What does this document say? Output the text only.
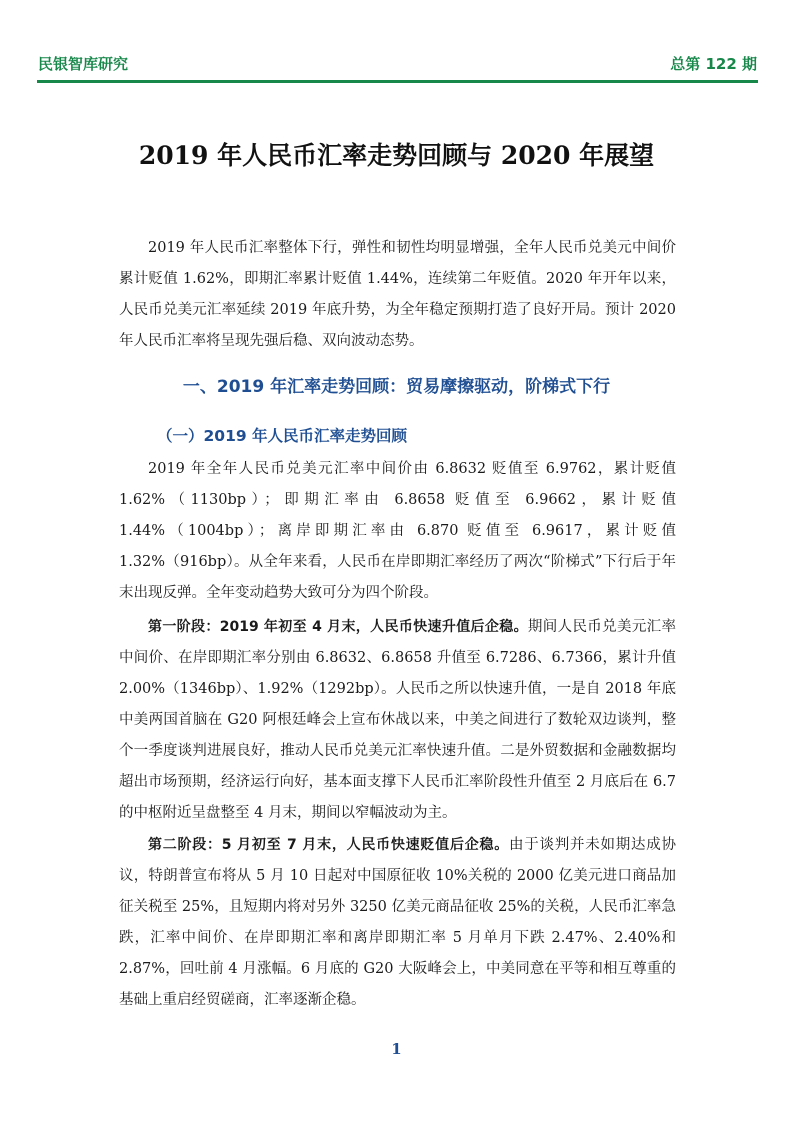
民银智库研究	总第 122 期
2019 年人民币汇率走势回顾与 2020 年展望
2019 年人民币汇率整体下行，弹性和韧性均明显增强，全年人民币兑美元中间价累计贬值 1.62%，即期汇率累计贬值 1.44%，连续第二年贬值。2020 年开年以来，人民币兑美元汇率延续 2019 年底升势，为全年稳定预期打造了良好开局。预计 2020 年人民币汇率将呈现先强后稳、双向波动态势。
一、2019 年汇率走势回顾：贸易摩擦驱动，阶梯式下行
（一）2019 年人民币汇率走势回顾
2019 年全年人民币兑美元汇率中间价由 6.8632 贬值至 6.9762，累计贬值 1.62%（1130bp）；即期汇率由 6.8658 贬值至 6.9662，累计贬值 1.44%（1004bp）；离岸即期汇率由 6.870 贬值至 6.9617，累计贬值 1.32%（916bp）。从全年来看，人民币在岸即期汇率经历了两次“阶梯式”下行后于年末出现反弹。全年变动趋势大致可分为四个阶段。
第一阶段：2019 年初至 4 月末，人民币快速升值后企稳。期间人民币兑美元汇率中间价、在岸即期汇率分别由 6.8632、6.8658 升值至 6.7286、6.7366，累计升值 2.00%（1346bp）、1.92%（1292bp）。人民币之所以快速升值，一是自 2018 年底中美两国首脑在 G20 阿根廷峰会上宣布休战以来，中美之间进行了数轮双边谈判，整个一季度谈判进展良好，推动人民币兑美元汇率快速升值。二是外贸数据和金融数据均超出市场预期，经济运行向好，基本面支撑下人民币汇率阶段性升值至 2 月底后在 6.7 的中枢附近呈盘整至 4 月末，期间以窄幅波动为主。
第二阶段：5 月初至 7 月末，人民币快速贬值后企稳。由于谈判并未如期达成协议，特朗普宣布将从 5 月 10 日起对中国原征收 10%关税的 2000 亿美元进口商品加征关税至 25%，且短期内将对另外 3250 亿美元商品征收 25%的关税，人民币汇率急跌，汇率中间价、在岸即期汇率和离岸即期汇率 5 月单月下跌 2.47%、2.40%和 2.87%，回吐前 4 月涨幅。6 月底的 G20 大阪峰会上，中美同意在平等和相互尊重的基础上重启经贸磋商，汇率逐渐企稳。
1
